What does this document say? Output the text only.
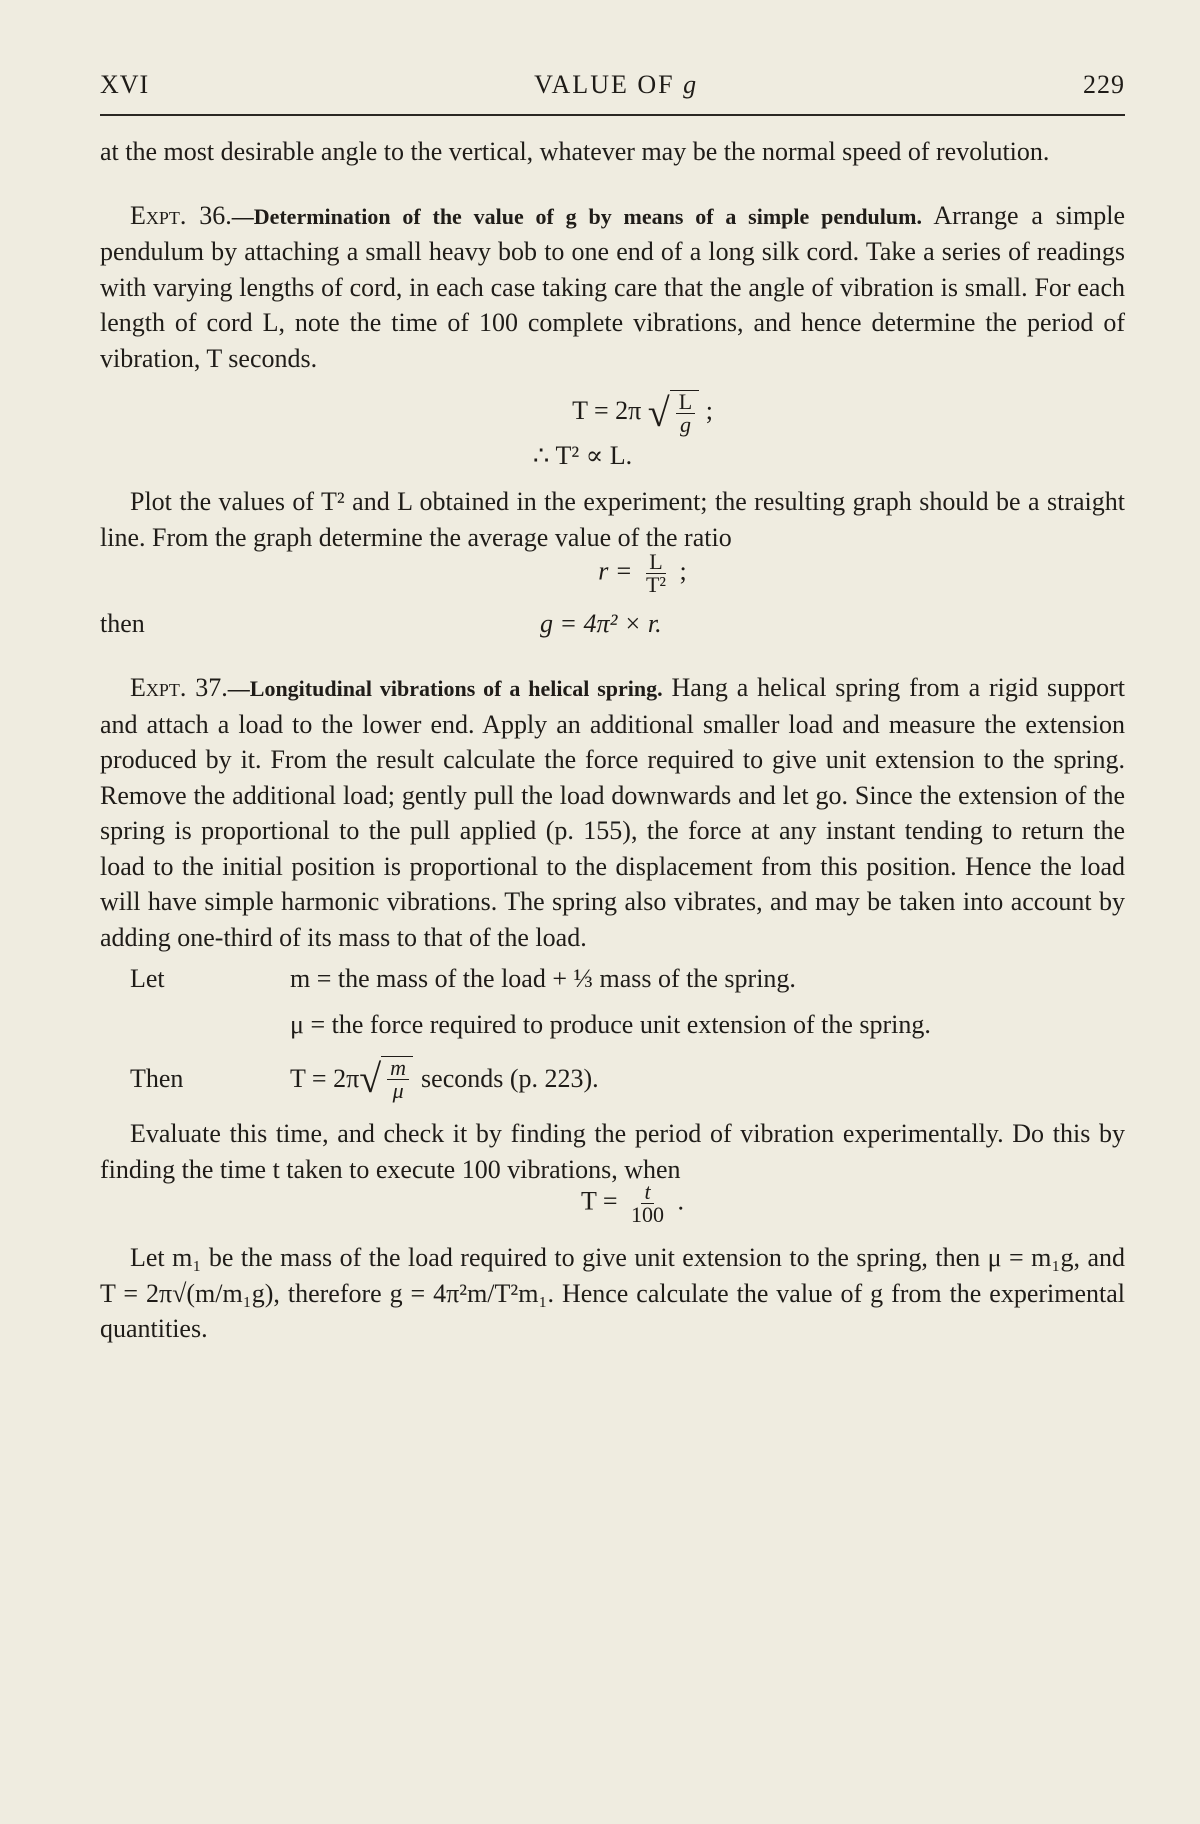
XVI	VALUE OF g	229

at the most desirable angle to the vertical, whatever may be the normal speed of revolution.

Expt. 36.—Determination of the value of g by means of a simple pendulum. Arrange a simple pendulum by attaching a small heavy bob to one end of a long silk cord. Take a series of readings with varying lengths of cord, in each case taking care that the angle of vibration is small. For each length of cord L, note the time of 100 complete vibrations, and hence determine the period of vibration, T seconds.

T = 2π √ $\frac{L}{g}$ ;
∴ T² ∝ L.

Plot the values of T² and L obtained in the experiment; the resulting graph should be a straight line. From the graph determine the average value of the ratio

$r = \frac{L}{\text{T²}}$ ;
then	g = 4π² × r.

Expt. 37.—Longitudinal vibrations of a helical spring. Hang a helical spring from a rigid support and attach a load to the lower end. Apply an additional smaller load and measure the extension produced by it. From the result calculate the force required to give unit extension to the spring. Remove the additional load; gently pull the load downwards and let go. Since the extension of the spring is proportional to the pull applied (p. 155), the force at any instant tending to return the load to the initial position is proportional to the displacement from this position. Hence the load will have simple harmonic vibrations. The spring also vibrates, and may be taken into account by adding one-third of its mass to that of the load.

Let	m = the mass of the load + ⅓ mass of the spring.
μ = the force required to produce unit extension of the spring.
Then	T = 2π √ $\frac{m}{\mu}$ seconds (p. 223).

Evaluate this time, and check it by finding the period of vibration experimentally. Do this by finding the time t taken to execute 100 vibrations, when

$T = \frac{t}{100}$ .

Let m₁ be the mass of the load required to give unit extension to the spring, then μ = m₁g, and T = 2π√(m/m₁g), therefore g = 4π²m/T²m₁. Hence calculate the value of g from the experimental quantities.
